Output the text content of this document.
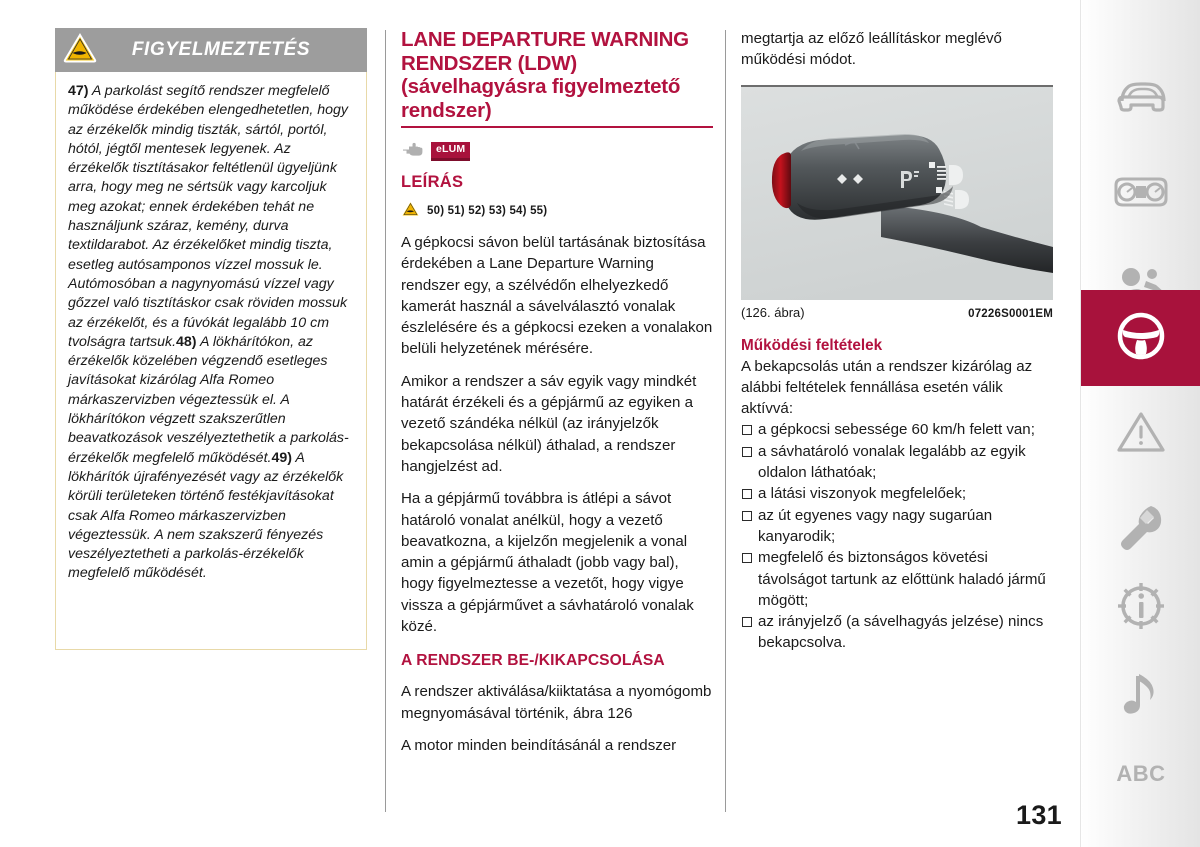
FIGYELMEZTETÉS

47) A parkolást segítő rendszer megfelelő működése érdekében elengedhetetlen, hogy az érzékelők mindig tiszták, sártól, portól, hótól, jégtől mentesek legyenek. Az érzékelők tisztításakor feltétlenül ügyeljünk arra, hogy meg ne sértsük vagy karcoljuk meg azokat; ennek érdekében tehát ne használjunk száraz, kemény, durva textildarabot. Az érzékelőket mindig tiszta, esetleg autósamponos vízzel mossuk le. Autómosóban a nagynyomású vízzel vagy gőzzel való tisztításkor csak röviden mossuk az érzékelőt, és a fúvókát legalább 10 cm tvolságra tartsuk.48) A lökhárítókon, az érzékelők közelében végzendő esetleges javításokat kizárólag Alfa Romeo márkaszervizben végeztessük el. A lökhárítókon végzett szakszerűtlen beavatkozások veszélyeztethetik a parkolás-érzékelők megfelelő működését.49) A lökhárítók újrafényezését vagy az érzékelők körüli területeken történő festékjavításokat csak Alfa Romeo márkaszervizben végeztessük. A nem szakszerű fényezés veszélyeztetheti a parkolás-érzékelők megfelelő működését.

LANE DEPARTURE WARNING RENDSZER (LDW) (sávelhagyásra figyelmeztető rendszer)
eLUM
LEÍRÁS
50) 51) 52) 53) 54) 55)

A gépkocsi sávon belül tartásának biztosítása érdekében a Lane Departure Warning rendszer egy, a szélvédőn elhelyezkedő kamerát használ a sávelválasztó vonalak észlelésére és a gépkocsi ezeken a vonalakon belüli helyzetének mérésére.

Amikor a rendszer a sáv egyik vagy mindkét határát érzékeli és a gépjármű az egyiken a vezető szándéka nélkül (az irányjelzők bekapcsolása nélkül) áthalad, a rendszer hangjelzést ad.

Ha a gépjármű továbbra is átlépi a sávot határoló vonalat anélkül, hogy a vezető beavatkozna, a kijelzőn megjelenik a vonal amin a gépjármű áthaladt (jobb vagy bal), hogy figyelmeztesse a vezetőt, hogy vigye vissza a gépjárművet a sávhatároló vonalak közé.

A RENDSZER BE-/KIKAPCSOLÁSA

A rendszer aktiválása/kiiktatása a nyomógomb megnyomásával történik, ábra 126

A motor minden beindításánál a rendszer

megtartja az előző leállításkor meglévő működési módot.

(126. ábra)	07226S0001EM
Működési feltételek

A bekapcsolás után a rendszer kizárólag az alábbi feltételek fennállása esetén válik aktívvá:

a gépkocsi sebessége 60 km/h felett van;
a sávhatároló vonalak legalább az egyik oldalon láthatóak;
a látási viszonyok megfelelőek;
az út egyenes vagy nagy sugarúan kanyarodik;
megfelelő és biztonságos követési távolságot tartunk az előttünk haladó jármű mögött;
az irányjelző (a sávelhagyás jelzése) nincs bekapcsolva.
131
ABC
